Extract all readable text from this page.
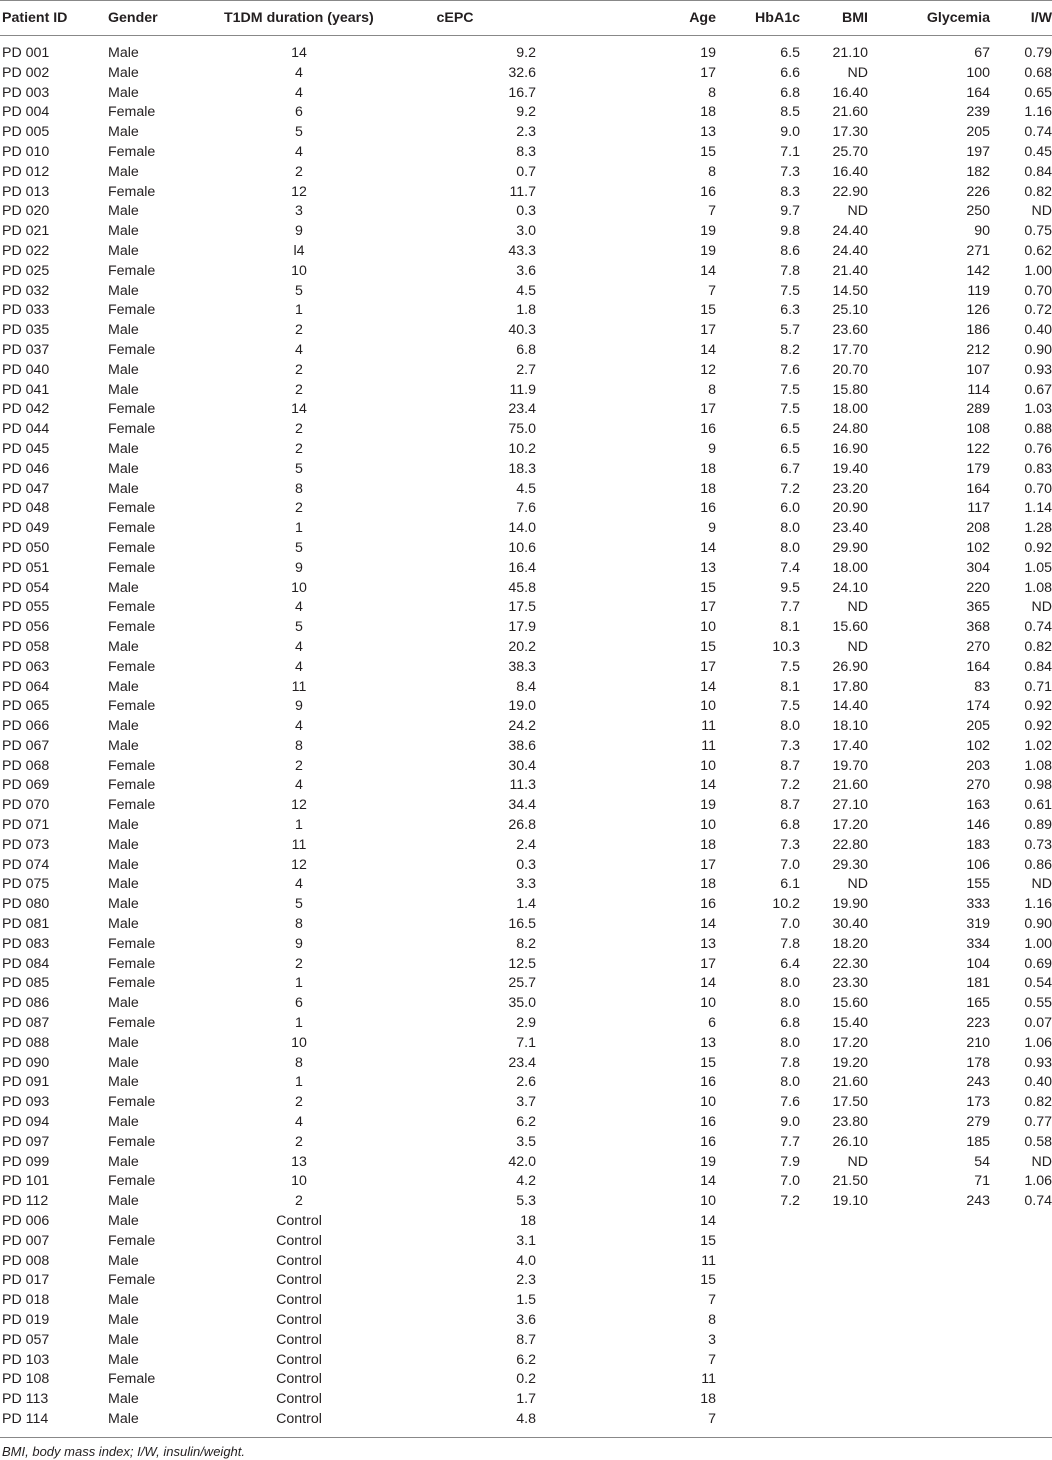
Patient ID	Gender	T1DM duration (years)	cEPC	Age	HbA1c	BMI	Glycemia	I/W
PD 001	Male	14	9.2	19	6.5	21.10	67	0.79
PD 002	Male	4	32.6	17	6.6	ND	100	0.68
PD 003	Male	4	16.7	8	6.8	16.40	164	0.65
PD 004	Female	6	9.2	18	8.5	21.60	239	1.16
PD 005	Male	5	2.3	13	9.0	17.30	205	0.74
PD 010	Female	4	8.3	15	7.1	25.70	197	0.45
PD 012	Male	2	0.7	8	7.3	16.40	182	0.84
PD 013	Female	12	11.7	16	8.3	22.90	226	0.82
PD 020	Male	3	0.3	7	9.7	ND	250	ND
PD 021	Male	9	3.0	19	9.8	24.40	90	0.75
PD 022	Male	l4	43.3	19	8.6	24.40	271	0.62
PD 025	Female	10	3.6	14	7.8	21.40	142	1.00
PD 032	Male	5	4.5	7	7.5	14.50	119	0.70
PD 033	Female	1	1.8	15	6.3	25.10	126	0.72
PD 035	Male	2	40.3	17	5.7	23.60	186	0.40
PD 037	Female	4	6.8	14	8.2	17.70	212	0.90
PD 040	Male	2	2.7	12	7.6	20.70	107	0.93
PD 041	Male	2	11.9	8	7.5	15.80	114	0.67
PD 042	Female	14	23.4	17	7.5	18.00	289	1.03
PD 044	Female	2	75.0	16	6.5	24.80	108	0.88
PD 045	Male	2	10.2	9	6.5	16.90	122	0.76
PD 046	Male	5	18.3	18	6.7	19.40	179	0.83
PD 047	Male	8	4.5	18	7.2	23.20	164	0.70
PD 048	Female	2	7.6	16	6.0	20.90	117	1.14
PD 049	Female	1	14.0	9	8.0	23.40	208	1.28
PD 050	Female	5	10.6	14	8.0	29.90	102	0.92
PD 051	Female	9	16.4	13	7.4	18.00	304	1.05
PD 054	Male	10	45.8	15	9.5	24.10	220	1.08
PD 055	Female	4	17.5	17	7.7	ND	365	ND
PD 056	Female	5	17.9	10	8.1	15.60	368	0.74
PD 058	Male	4	20.2	15	10.3	ND	270	0.82
PD 063	Female	4	38.3	17	7.5	26.90	164	0.84
PD 064	Male	11	8.4	14	8.1	17.80	83	0.71
PD 065	Female	9	19.0	10	7.5	14.40	174	0.92
PD 066	Male	4	24.2	11	8.0	18.10	205	0.92
PD 067	Male	8	38.6	11	7.3	17.40	102	1.02
PD 068	Female	2	30.4	10	8.7	19.70	203	1.08
PD 069	Female	4	11.3	14	7.2	21.60	270	0.98
PD 070	Female	12	34.4	19	8.7	27.10	163	0.61
PD 071	Male	1	26.8	10	6.8	17.20	146	0.89
PD 073	Male	11	2.4	18	7.3	22.80	183	0.73
PD 074	Male	12	0.3	17	7.0	29.30	106	0.86
PD 075	Male	4	3.3	18	6.1	ND	155	ND
PD 080	Male	5	1.4	16	10.2	19.90	333	1.16
PD 081	Male	8	16.5	14	7.0	30.40	319	0.90
PD 083	Female	9	8.2	13	7.8	18.20	334	1.00
PD 084	Female	2	12.5	17	6.4	22.30	104	0.69
PD 085	Female	1	25.7	14	8.0	23.30	181	0.54
PD 086	Male	6	35.0	10	8.0	15.60	165	0.55
PD 087	Female	1	2.9	6	6.8	15.40	223	0.07
PD 088	Male	10	7.1	13	8.0	17.20	210	1.06
PD 090	Male	8	23.4	15	7.8	19.20	178	0.93
PD 091	Male	1	2.6	16	8.0	21.60	243	0.40
PD 093	Female	2	3.7	10	7.6	17.50	173	0.82
PD 094	Male	4	6.2	16	9.0	23.80	279	0.77
PD 097	Female	2	3.5	16	7.7	26.10	185	0.58
PD 099	Male	13	42.0	19	7.9	ND	54	ND
PD 101	Female	10	4.2	14	7.0	21.50	71	1.06
PD 112	Male	2	5.3	10	7.2	19.10	243	0.74
PD 006	Male	Control	18	14				
PD 007	Female	Control	3.1	15				
PD 008	Male	Control	4.0	11				
PD 017	Female	Control	2.3	15				
PD 018	Male	Control	1.5	7				
PD 019	Male	Control	3.6	8				
PD 057	Male	Control	8.7	3				
PD 103	Male	Control	6.2	7				
PD 108	Female	Control	0.2	11				
PD 113	Male	Control	1.7	18				
PD 114	Male	Control	4.8	7				
BMI, body mass index; I/W, insulin/weight.
